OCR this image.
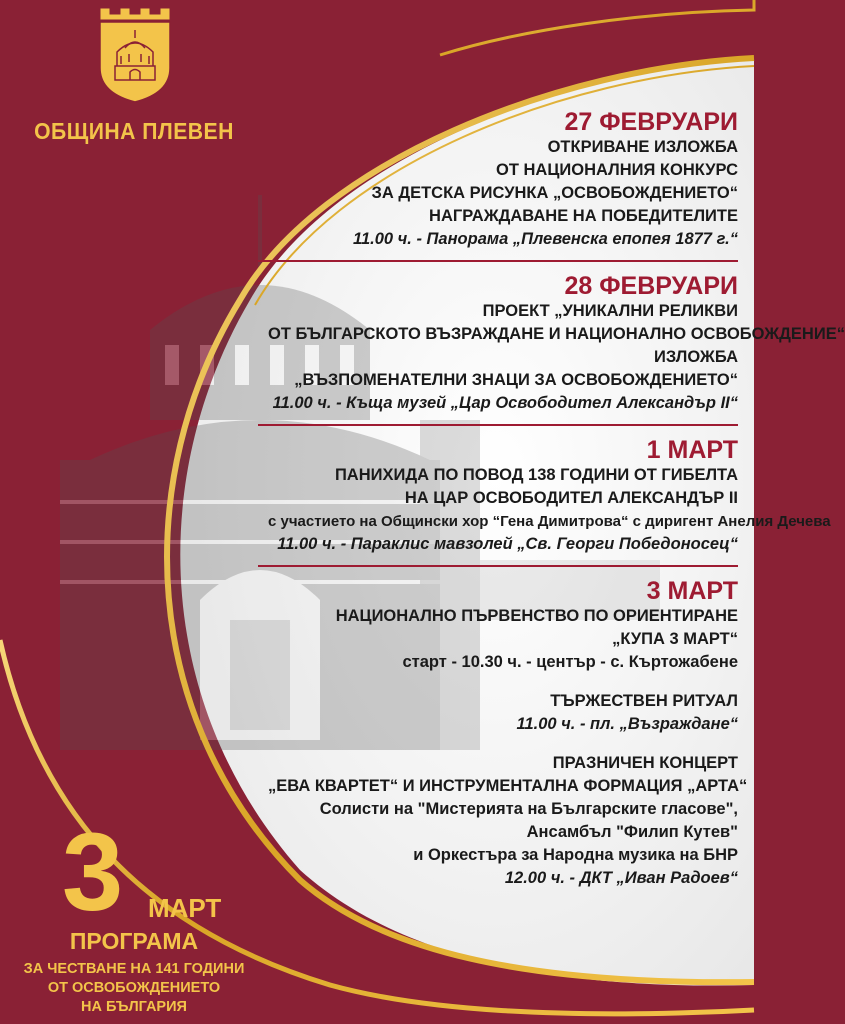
ОБЩИНА ПЛЕВЕН	27 ФЕВРУАРИ
ОТКРИВАНЕ ИЗЛОЖБА
ОТ НАЦИОНАЛНИЯ КОНКУРС
ЗА ДЕТСКА РИСУНКА „ОСВОБОЖДЕНИЕТО“
НАГРАЖДАВАНЕ НА ПОБЕДИТЕЛИТЕ
11.00 ч. - Панорама „Плевенска епопея 1877 г.“
28 ФЕВРУАРИ
ПРОЕКТ „УНИКАЛНИ РЕЛИКВИ
ОТ БЪЛГАРСКОТО ВЪЗРАЖДАНЕ И НАЦИОНАЛНО ОСВОБОЖДЕНИЕ“
ИЗЛОЖБА
„ВЪЗПОМЕНАТЕЛНИ ЗНАЦИ ЗА ОСВОБОЖДЕНИЕТО“
11.00 ч. - Къща музей „Цар Освободител Александър II“
1 МАРТ
ПАНИХИДА ПО ПОВОД 138 ГОДИНИ ОТ ГИБЕЛТА
НА ЦАР ОСВОБОДИТЕЛ АЛЕКСАНДЪР II
с участието на Общински хор “Гена Димитрова“ с диригент Анелия Дечева
11.00 ч. - Параклис мавзолей „Св. Георги Победоносец“
3 МАРТ
НАЦИОНАЛНО ПЪРВЕНСТВО ПО ОРИЕНТИРАНЕ
„КУПА 3 МАРТ“
старт - 10.30 ч. - център - с. Къртожабене
ТЪРЖЕСТВЕН РИТУАЛ
11.00 ч. - пл. „Възраждане“
ПРАЗНИЧЕН КОНЦЕРТ
„ЕВА КВАРТЕТ“ И ИНСТРУМЕНТАЛНА ФОРМАЦИЯ „АРТА“
Солисти на "Мистерията на Българските гласове",
Ансамбъл "Филип Кутев"
и Оркестъра за Народна музика на БНР
12.00 ч. - ДКТ „Иван Радоев“
3 МАРТ
ПРОГРАМА
ЗА ЧЕСТВАНЕ НА 141 ГОДИНИ
ОТ ОСВОБОЖДЕНИЕТО
НА БЪЛГАРИЯ
